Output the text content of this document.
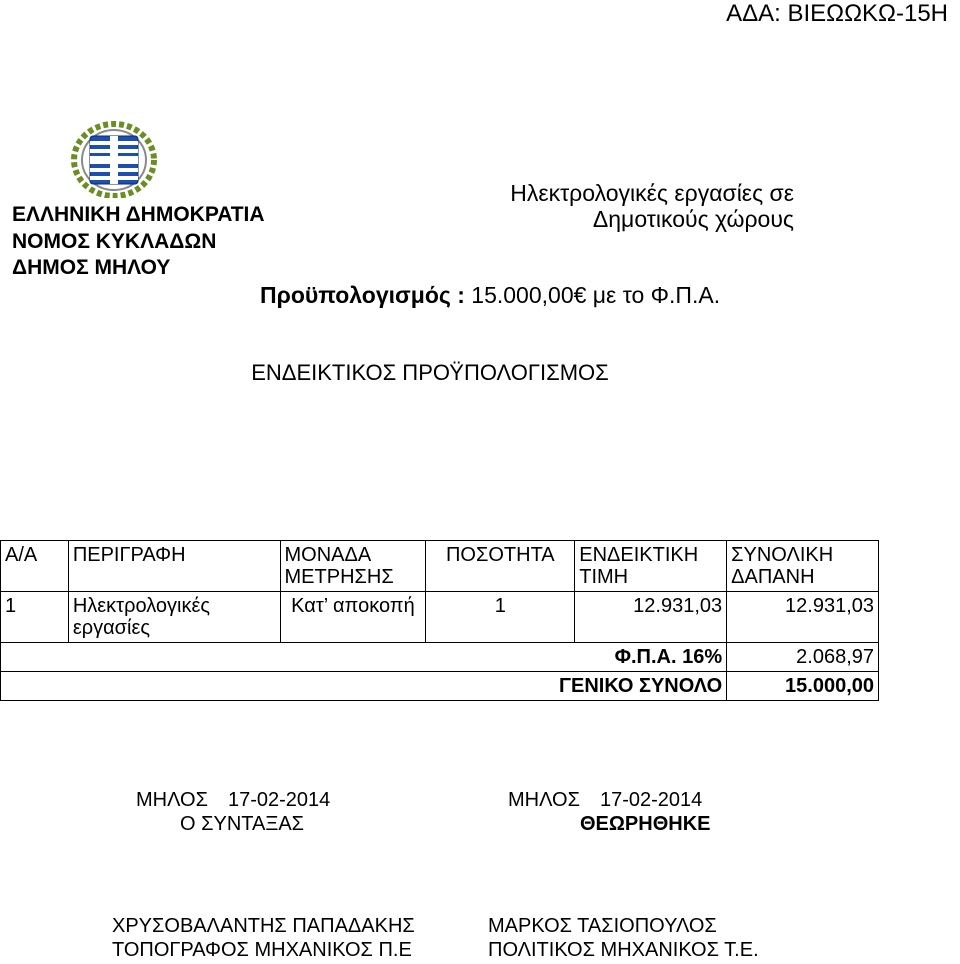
ΑΔΑ: ΒΙΕΩΩΚΩ-15Η
ΕΛΛΗΝΙΚΗ ΔΗΜΟΚΡΑΤΙΑ
ΝΟΜΟΣ ΚΥΚΛΑΔΩΝ
ΔΗΜΟΣ ΜΗΛΟΥ
Ηλεκτρολογικές εργασίες σε
Δημοτικούς χώρους
Προϋπολογισμός : 15.000,00€ με το Φ.Π.Α.
ΕΝΔΕΙΚΤΙΚΟΣ ΠΡΟΫΠΟΛΟΓΙΣΜΟΣ
Α/Α	ΠΕΡΙΓΡΑΦΗ	ΜΟΝΑΔΑ ΜΕΤΡΗΣΗΣ	ΠΟΣΟΤΗΤΑ	ΕΝΔΕΙΚΤΙΚΗ ΤΙΜΗ	ΣΥΝΟΛΙΚΗ ΔΑΠΑΝΗ
1	Ηλεκτρολογικές εργασίες	Κατ’ αποκοπή	1	12.931,03	12.931,03
Φ.Π.Α. 16%					2.068,97
ΓΕΝΙΚΟ ΣΥΝΟΛΟ					15.000,00
ΜΗΛΟΣ 17-02-2014
Ο ΣΥΝΤΑΞΑΣ
ΜΗΛΟΣ 17-02-2014
ΘΕΩΡΗΘΗΚΕ
ΧΡΥΣΟΒΑΛΑΝΤΗΣ ΠΑΠΑΔΑΚΗΣ
ΤΟΠΟΓΡΑΦΟΣ ΜΗΧΑΝΙΚΟΣ Π.Ε
ΜΑΡΚΟΣ ΤΑΣΙΟΠΟΥΛΟΣ
ΠΟΛΙΤΙΚΟΣ ΜΗΧΑΝΙΚΟΣ Τ.Ε.
